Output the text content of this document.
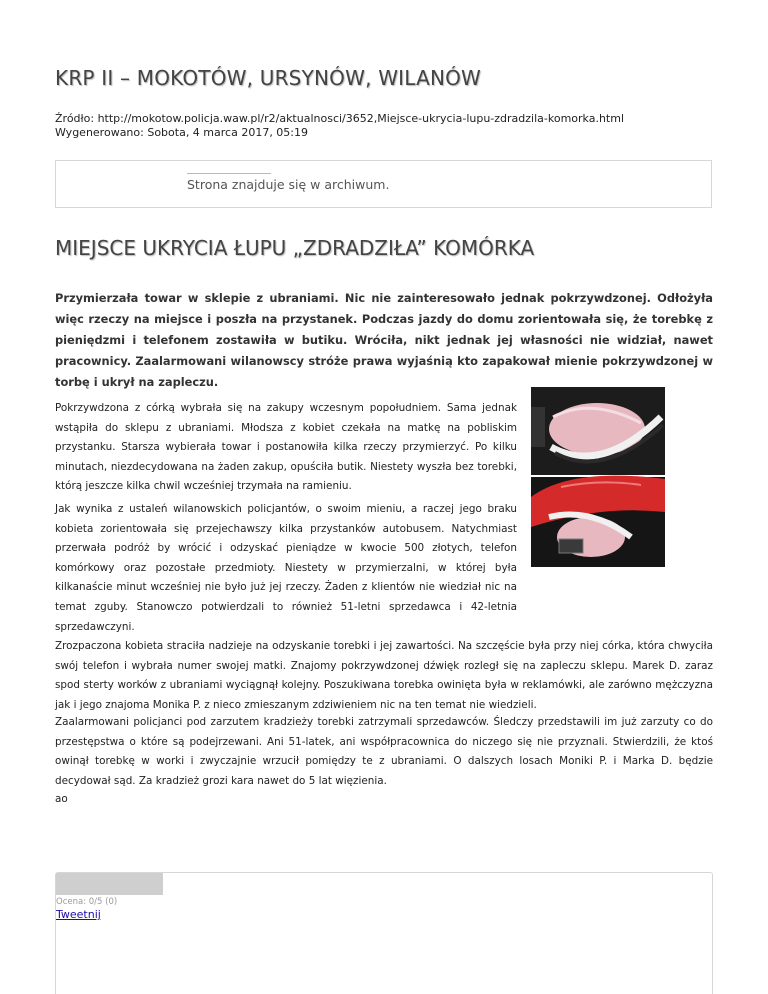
KRP II – MOKOTÓW, URSYNÓW, WILANÓW
Źródło: http://mokotow.policja.waw.pl/r2/aktualnosci/3652,Miejsce-ukrycia-lupu-zdradzila-komorka.html
Wygenerowano: Sobota, 4 marca 2017, 05:19
Strona znajduje się w archiwum.
MIEJSCE UKRYCIA ŁUPU „ZDRADZIŁA” KOMÓRKA

Przymierzała towar w sklepie z ubraniami. Nic nie zainteresowało jednak pokrzywdzonej. Odłożyła więc rzeczy na miejsce i poszła na przystanek. Podczas jazdy do domu zorientowała się, że torebkę z pieniędzmi i telefonem zostawiła w butiku. Wróciła, nikt jednak jej własności nie widział, nawet pracownicy. Zaalarmowani wilanowscy stróże prawa wyjaśnią kto zapakował mienie pokrzywdzonej w torbę i ukrył na zapleczu.

Pokrzywdzona z córką wybrała się na zakupy wczesnym popołudniem. Sama jednak wstąpiła do sklepu z ubraniami. Młodsza z kobiet czekała na matkę na pobliskim przystanku. Starsza wybierała towar i postanowiła kilka rzeczy przymierzyć. Po kilku minutach, niezdecydowana na żaden zakup, opuściła butik. Niestety wyszła bez torebki, którą jeszcze kilka chwil wcześniej trzymała na ramieniu.

Jak wynika z ustaleń wilanowskich policjantów, o swoim mieniu, a raczej jego braku kobieta zorientowała się przejechawszy kilka przystanków autobusem. Natychmiast przerwała podróż by wrócić i odzyskać pieniądze w kwocie 500 złotych, telefon komórkowy oraz pozostałe przedmioty. Niestety w przymierzalni, w której była kilkanaście minut wcześniej nie było już jej rzeczy. Żaden z klientów nie wiedział nic na temat zguby. Stanowczo potwierdzali to również 51-letni sprzedawca i 42-letnia sprzedawczyni.

Zrozpaczona kobieta straciła nadzieje na odzyskanie torebki i jej zawartości. Na szczęście była przy niej córka, która chwyciła swój telefon i wybrała numer swojej matki. Znajomy pokrzywdzonej dźwięk rozległ się na zapleczu sklepu. Marek D. zaraz spod sterty worków z ubraniami wyciągnął kolejny. Poszukiwana torebka owinięta była w reklamówki, ale zarówno mężczyzna jak i jego znajoma Monika P. z nieco zmieszanym zdziwieniem nic na ten temat nie wiedzieli.

Zaalarmowani policjanci pod zarzutem kradzieży torebki zatrzymali sprzedawców. Śledczy przedstawili im już zarzuty co do przestępstwa o które są podejrzewani. Ani 51-latek, ani współpracownica do niczego się nie przyznali. Stwierdzili, że ktoś owinął torebkę w worki i zwyczajnie wrzucił pomiędzy te z ubraniami. O dalszych losach Moniki P. i Marka D. będzie decydował sąd. Za kradzież grozi kara nawet do 5 lat więzienia.

ao

Ocena: 0/5 (0)
Tweetnij
